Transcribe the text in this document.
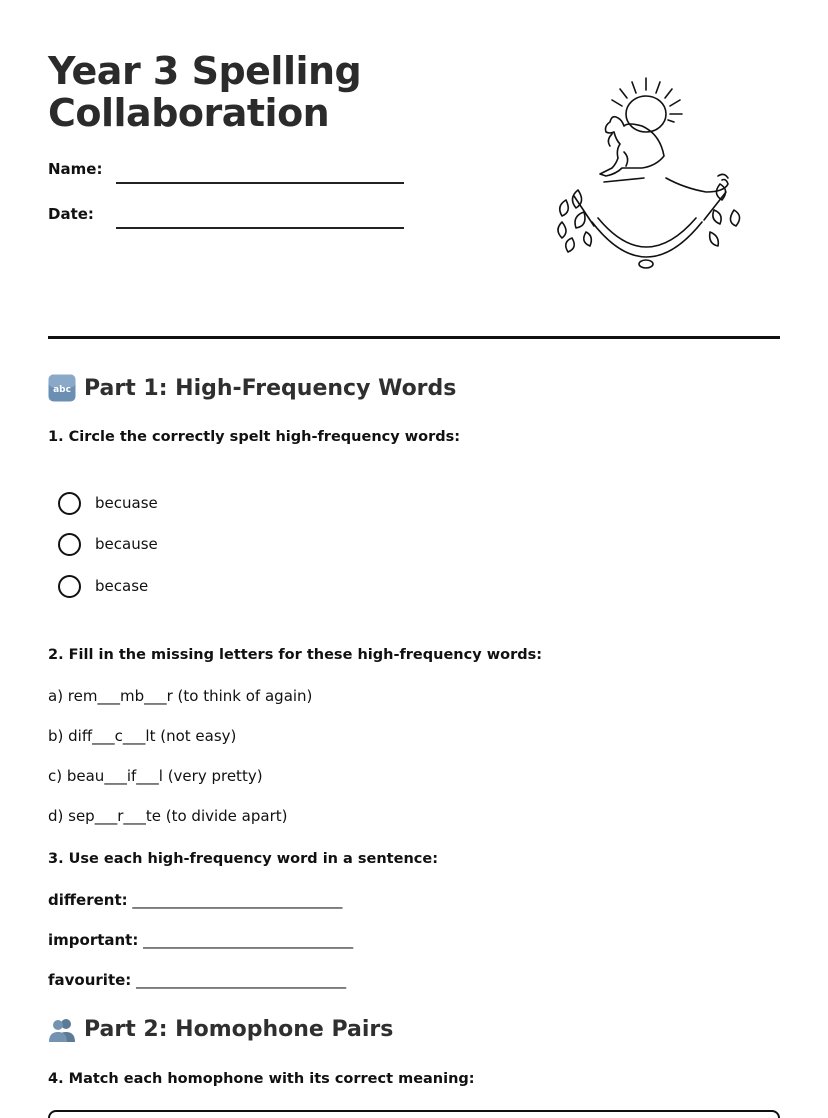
Year 3 Spelling
Collaboration
Name:
Date:
abc Part 1: High-Frequency Words
1. Circle the correctly spelt high-frequency words:
becuase
because
becase
2. Fill in the missing letters for these high-frequency words:
a) rem___mb___r (to think of again)
b) diff___c___lt (not easy)
c) beau___if___l (very pretty)
d) sep___r___te (to divide apart)
3. Use each high-frequency word in a sentence:
different: ____________________________
important: ____________________________
favourite: ____________________________
Part 2: Homophone Pairs
4. Match each homophone with its correct meaning:
